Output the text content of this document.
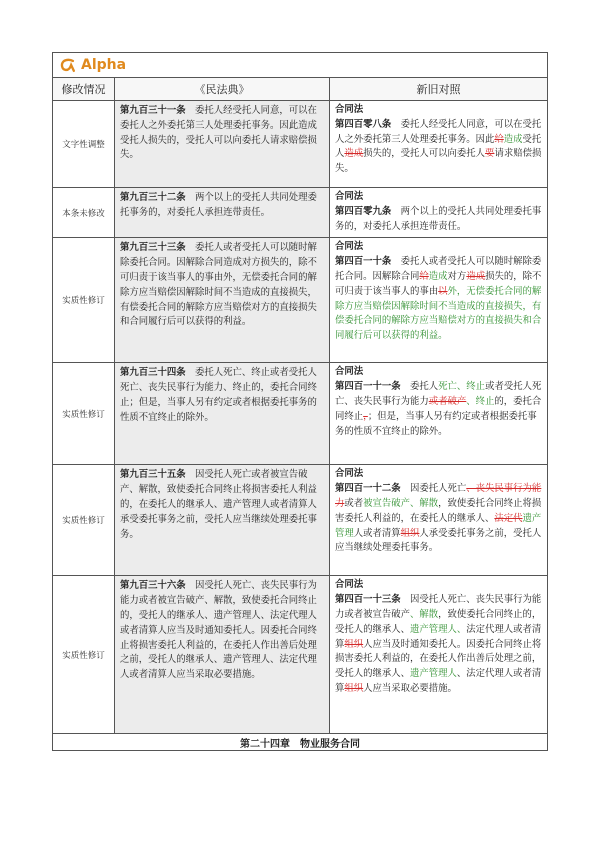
Alpha
修改情况	《民法典》	新旧对照
文字性调整	第九百三十一条　 委托人经受托人同意，可以在委托人之外委托第三人处理委托事务。因此造成受托人损失的，受托人可以向委托人请求赔偿损失。	合同法
第四百零八条　 委托人经受托人同意，可以在受托人之外委托第三人处理委托事务。因此给造成受托人造成损失的，受托人可以向委托人要请求赔偿损失。
本条未修改	第九百三十二条　 两个以上的受托人共同处理委托事务的，对委托人承担连带责任。	合同法
第四百零九条　 两个以上的受托人共同处理委托事务的，对委托人承担连带责任。
实质性修订	第九百三十三条　 委托人或者受托人可以随时解除委托合同。因解除合同造成对方损失的，除不可归责于该当事人的事由外，无偿委托合同的解除方应当赔偿因解除时间不当造成的直接损失，有偿委托合同的解除方应当赔偿对方的直接损失和合同履行后可以获得的利益。	合同法
第四百一十条　 委托人或者受托人可以随时解除委托合同。因解除合同给造成对方造成损失的，除不可归责于该当事人的事由以外，无偿委托合同的解除方应当赔偿因解除时间不当造成的直接损失，有偿委托合同的解除方应当赔偿对方的直接损失和合同履行后可以获得的利益。
实质性修订	第九百三十四条　 委托人死亡、终止或者受托人死亡、丧失民事行为能力、终止的，委托合同终止；但是，当事人另有约定或者根据委托事务的性质不宜终止的除外。	合同法
第四百一十一条　 委托人死亡、终止或者受托人死亡、丧失民事行为能力或者破产、终止的，委托合同终止，；但是，当事人另有约定或者根据委托事务的性质不宜终止的除外。
实质性修订	第九百三十五条　 因受托人死亡或者被宣告破产、解散，致使委托合同终止将损害委托人利益的，在委托人的继承人、遗产管理人或者清算人承受委托事务之前，受托人应当继续处理委托事务。	合同法
第四百一十二条　 因委托人死亡、丧失民事行为能力或者被宣告破产、解散，致使委托合同终止将损害委托人利益的，在委托人的继承人、法定代遗产管理人或者清算组织人承受委托事务之前，受托人应当继续处理委托事务。
实质性修订	第九百三十六条　 因受托人死亡、丧失民事行为能力或者被宣告破产、解散，致使委托合同终止的，受托人的继承人、遗产管理人、法定代理人或者清算人应当及时通知委托人。因委托合同终止将损害委托人利益的，在委托人作出善后处理之前，受托人的继承人、遗产管理人、法定代理人或者清算人应当采取必要措施。	合同法
第四百一十三条　 因受托人死亡、丧失民事行为能力或者被宣告破产、解散，致使委托合同终止的，受托人的继承人、遗产管理人、法定代理人或者清算组织人应当及时通知委托人。因委托合同终止将损害委托人利益的，在委托人作出善后处理之前，受托人的继承人、遗产管理人、法定代理人或者清算组织人应当采取必要措施。
第二十四章　物业服务合同		
